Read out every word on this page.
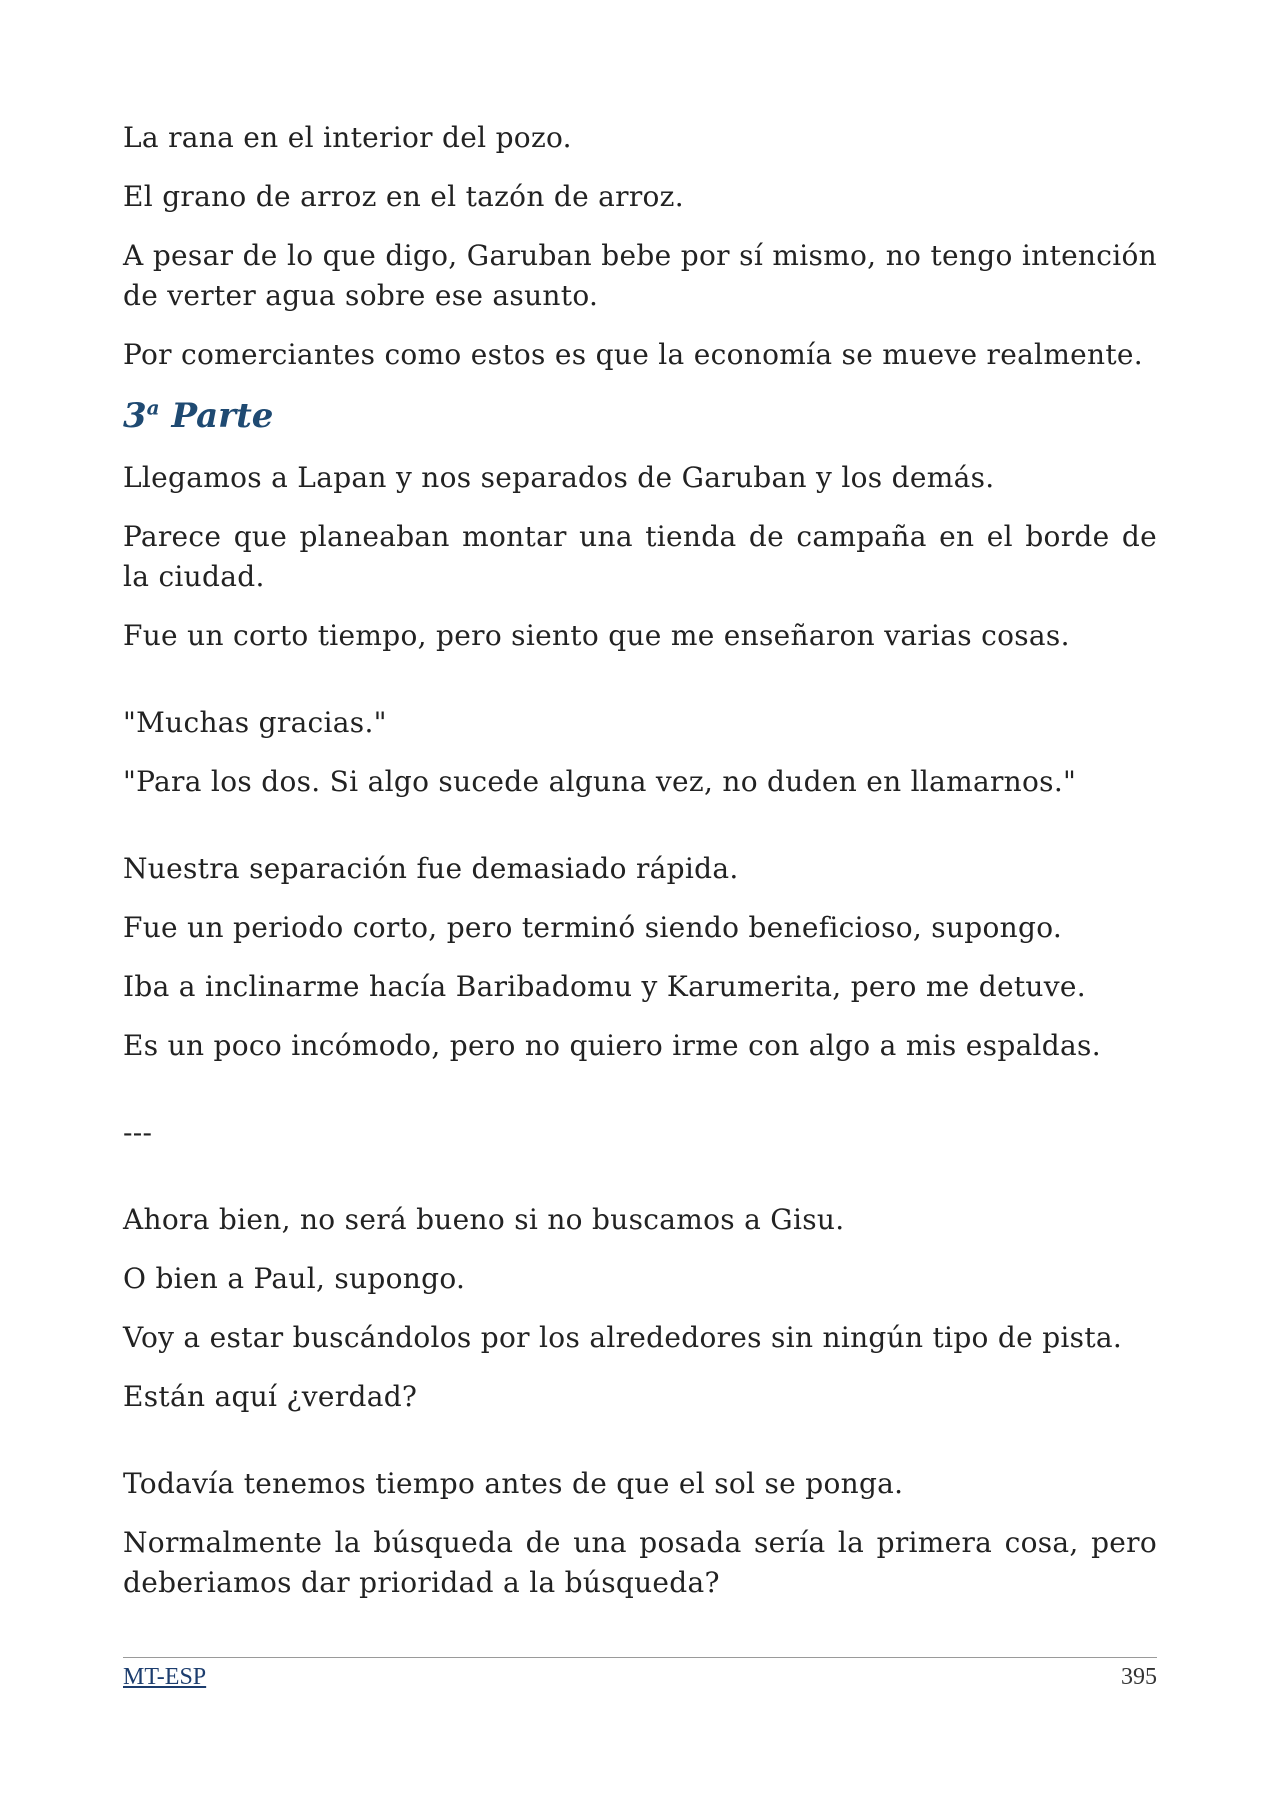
La rana en el interior del pozo.

El grano de arroz en el tazón de arroz.

A pesar de lo que digo, Garuban bebe por sí mismo, no tengo intención de verter agua sobre ese asunto.

Por comerciantes como estos es que la economía se mueve realmente.

3$^a$ Parte

Llegamos a Lapan y nos separados de Garuban y los demás.

Parece que planeaban montar una tienda de campaña en el borde de la ciudad.

Fue un corto tiempo, pero siento que me enseñaron varias cosas.

"Muchas gracias."

"Para los dos. Si algo sucede alguna vez, no duden en llamarnos."

Nuestra separación fue demasiado rápida.

Fue un periodo corto, pero terminó siendo beneficioso, supongo.

Iba a inclinarme hacía Baribadomu y Karumerita, pero me detuve.

Es un poco incómodo, pero no quiero irme con algo a mis espaldas.

---

Ahora bien, no será bueno si no buscamos a Gisu.

O bien a Paul, supongo.

Voy a estar buscándolos por los alrededores sin ningún tipo de pista.

Están aquí ¿verdad?

Todavía tenemos tiempo antes de que el sol se ponga.

Normalmente la búsqueda de una posada sería la primera cosa, pero deberiamos dar prioridad a la búsqueda?

MT-ESP	395
